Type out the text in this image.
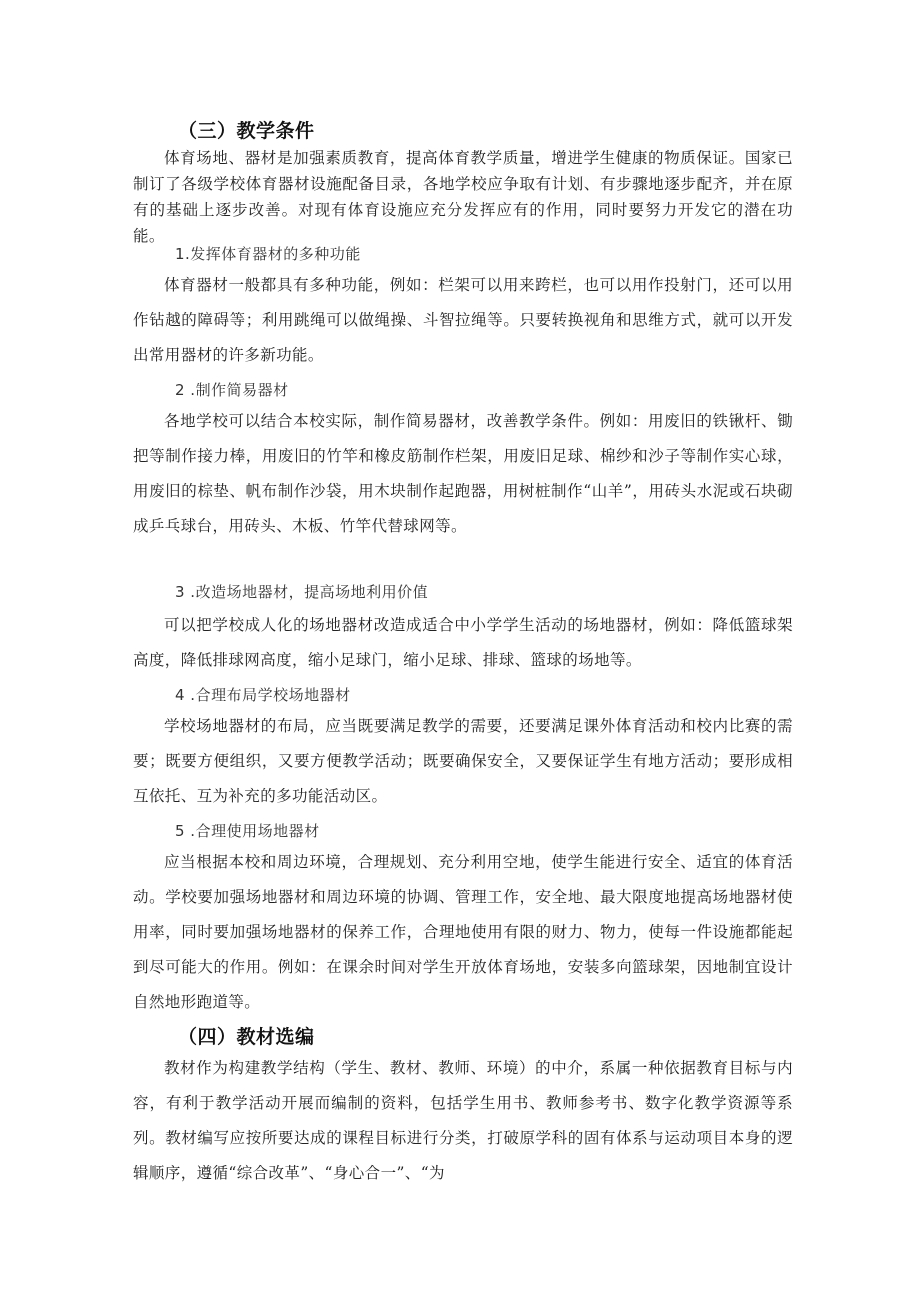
（三）教学条件

体育场地、器材是加强素质教育，提高体育教学质量，增进学生健康的物质保证。国家已制订了各级学校体育器材设施配备目录，各地学校应争取有计划、有步骤地逐步配齐，并在原有的基础上逐步改善。对现有体育设施应充分发挥应有的作用，同时要努力开发它的潜在功能。

1.发挥体育器材的多种功能

体育器材一般都具有多种功能，例如：栏架可以用来跨栏，也可以用作投射门，还可以用作钻越的障碍等；利用跳绳可以做绳操、斗智拉绳等。只要转换视角和思维方式，就可以开发出常用器材的许多新功能。

2 .制作简易器材

各地学校可以结合本校实际，制作简易器材，改善教学条件。例如：用废旧的铁锹杆、锄把等制作接力棒，用废旧的竹竿和橡皮筋制作栏架，用废旧足球、棉纱和沙子等制作实心球，用废旧的棕垫、帆布制作沙袋，用木块制作起跑器，用树桩制作“山羊”，用砖头水泥或石块砌成乒乓球台，用砖头、木板、竹竿代替球网等。

3 .改造场地器材，提高场地利用价值

可以把学校成人化的场地器材改造成适合中小学学生活动的场地器材，例如：降低篮球架高度，降低排球网高度，缩小足球门，缩小足球、排球、篮球的场地等。

4 .合理布局学校场地器材

学校场地器材的布局，应当既要满足教学的需要，还要满足课外体育活动和校内比赛的需要；既要方便组织，又要方便教学活动；既要确保安全，又要保证学生有地方活动；要形成相互依托、互为补充的多功能活动区。

5 .合理使用场地器材

应当根据本校和周边环境，合理规划、充分利用空地，使学生能进行安全、适宜的体育活动。学校要加强场地器材和周边环境的协调、管理工作，安全地、最大限度地提高场地器材使用率，同时要加强场地器材的保养工作，合理地使用有限的财力、物力，使每一件设施都能起到尽可能大的作用。例如：在课余时间对学生开放体育场地，安装多向篮球架，因地制宜设计自然地形跑道等。

（四）教材选编

教材作为构建教学结构（学生、教材、教师、环境）的中介，系属一种依据教育目标与内容，有利于教学活动开展而编制的资料，包括学生用书、教师参考书、数字化教学资源等系列。教材编写应按所要达成的课程目标进行分类，打破原学科的固有体系与运动项目本身的逻辑顺序，遵循“综合改革”、“身心合一”、“为
